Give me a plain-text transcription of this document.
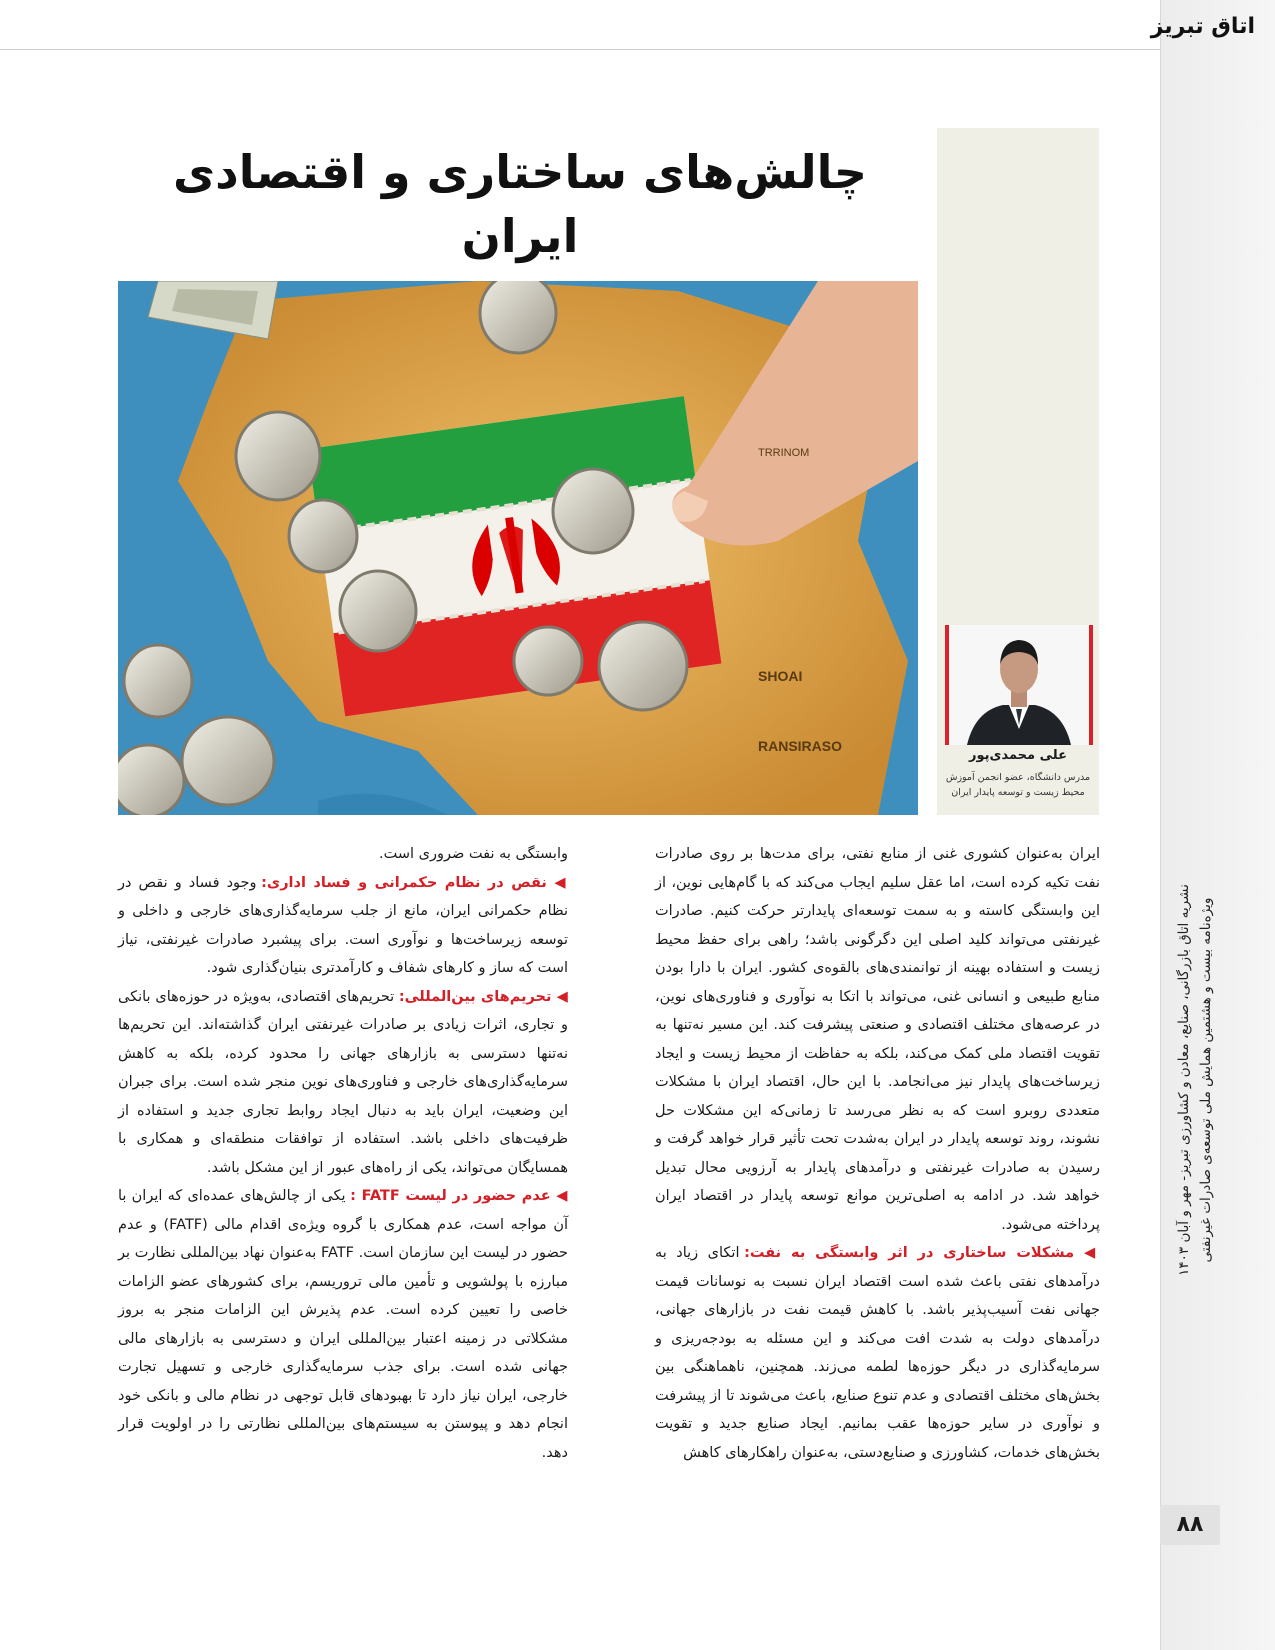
اتاق تبریز
نشریه اتاق بازرگانی، صنایع، معادن و کشاورزی تبریز- مهر و آبان ۱۴۰۳ ویژه‌نامه بیست و هشتمین همایش ملی توسعه‌ی صادرات غیرنفتی
۸۸
چالش‌های ساختاری و اقتصادی ایران
علی محمدی‌پور
مدرس دانشگاه، عضو انجمن آموزش محیط زیست و توسعه پایدار ایران
SHOAI
RANSIRASO
TRRINOM

ایران به‌عنوان کشوری غنی از منابع نفتی، برای مدت‌ها بر روی صادرات نفت تکیه کرده است، اما عقل سلیم ایجاب می‌کند که با گام‌هایی نوین، از این وابستگی کاسته و به سمت توسعه‌ای پایدارتر حرکت کنیم. صادرات غیرنفتی می‌تواند کلید اصلی این دگرگونی باشد؛ راهی برای حفظ محیط زیست و استفاده بهینه از توانمندی‌های بالقوه‌ی کشور. ایران با دارا بودن منابع طبیعی و انسانی غنی، می‌تواند با اتکا به نوآوری و فناوری‌های نوین، در عرصه‌های مختلف اقتصادی و صنعتی پیشرفت کند. این مسیر نه‌تنها به تقویت اقتصاد ملی کمک می‌کند، بلکه به حفاظت از محیط زیست و ایجاد زیرساخت‌های پایدار نیز می‌انجامد. با این حال، اقتصاد ایران با مشکلات متعددی روبرو است که به نظر می‌رسد تا زمانی‌که این مشکلات حل نشوند، روند توسعه پایدار در ایران به‌شدت تحت تأثیر قرار خواهد گرفت و رسیدن به صادرات غیرنفتی و درآمدهای پایدار به آرزویی محال تبدیل خواهد شد. در ادامه به اصلی‌ترین موانع توسعه پایدار در اقتصاد ایران پرداخته می‌شود.

◀ مشکلات ساختاری در اثر وابستگی به نفت: اتکای زیاد به درآمدهای نفتی باعث شده است اقتصاد ایران نسبت به نوسانات قیمت جهانی نفت آسیب‌پذیر باشد. با کاهش قیمت نفت در بازارهای جهانی، درآمدهای دولت به شدت افت می‌کند و این مسئله به بودجه‌ریزی و سرمایه‌گذاری در دیگر حوزه‌ها لطمه می‌زند. همچنین، ناهماهنگی بین بخش‌های مختلف اقتصادی و عدم تنوع صنایع، باعث می‌شوند تا از پیشرفت و نوآوری در سایر حوزه‌ها عقب بمانیم. ایجاد صنایع جدید و تقویت بخش‌های خدمات، کشاورزی و صنایع‌دستی، به‌عنوان راهکارهای کاهش

وابستگی به نفت ضروری است.

◀ نقص در نظام حکمرانی و فساد اداری: وجود فساد و نقص در نظام حکمرانی ایران، مانع از جلب سرمایه‌گذاری‌های خارجی و داخلی و توسعه زیرساخت‌ها و نوآوری است. برای پیشبرد صادرات غیرنفتی، نیاز است که ساز و کارهای شفاف و کارآمدتری بنیان‌گذاری شود.

◀ تحریم‌های بین‌المللی: تحریم‌های اقتصادی، به‌ویژه در حوزه‌های بانکی و تجاری، اثرات زیادی بر صادرات غیرنفتی ایران گذاشته‌اند. این تحریم‌ها نه‌تنها دسترسی به بازارهای جهانی را محدود کرده، بلکه به کاهش سرمایه‌گذاری‌های خارجی و فناوری‌های نوین منجر شده است. برای جبران این وضعیت، ایران باید به دنبال ایجاد روابط تجاری جدید و استفاده از ظرفیت‌های داخلی باشد. استفاده از توافقات منطقه‌ای و همکاری با همسایگان می‌تواند، یکی از راه‌های عبور از این مشکل باشد.

◀ عدم حضور در لیست FATF : یکی از چالش‌های عمده‌ای که ایران با آن مواجه است، عدم همکاری با گروه ویژه‌ی اقدام مالی (FATF) و عدم حضور در لیست این سازمان است. FATF به‌عنوان نهاد بین‌المللی نظارت بر مبارزه با پولشویی و تأمین مالی تروریسم، برای کشورهای عضو الزامات خاصی را تعیین کرده است. عدم پذیرش این الزامات منجر به بروز مشکلاتی در زمینه اعتبار بین‌المللی ایران و دسترسی به بازارهای مالی جهانی شده است. برای جذب سرمایه‌گذاری خارجی و تسهیل تجارت خارجی، ایران نیاز دارد تا بهبودهای قابل توجهی در نظام مالی و بانکی خود انجام دهد و پیوستن به سیستم‌های بین‌المللی نظارتی را در اولویت قرار دهد.
